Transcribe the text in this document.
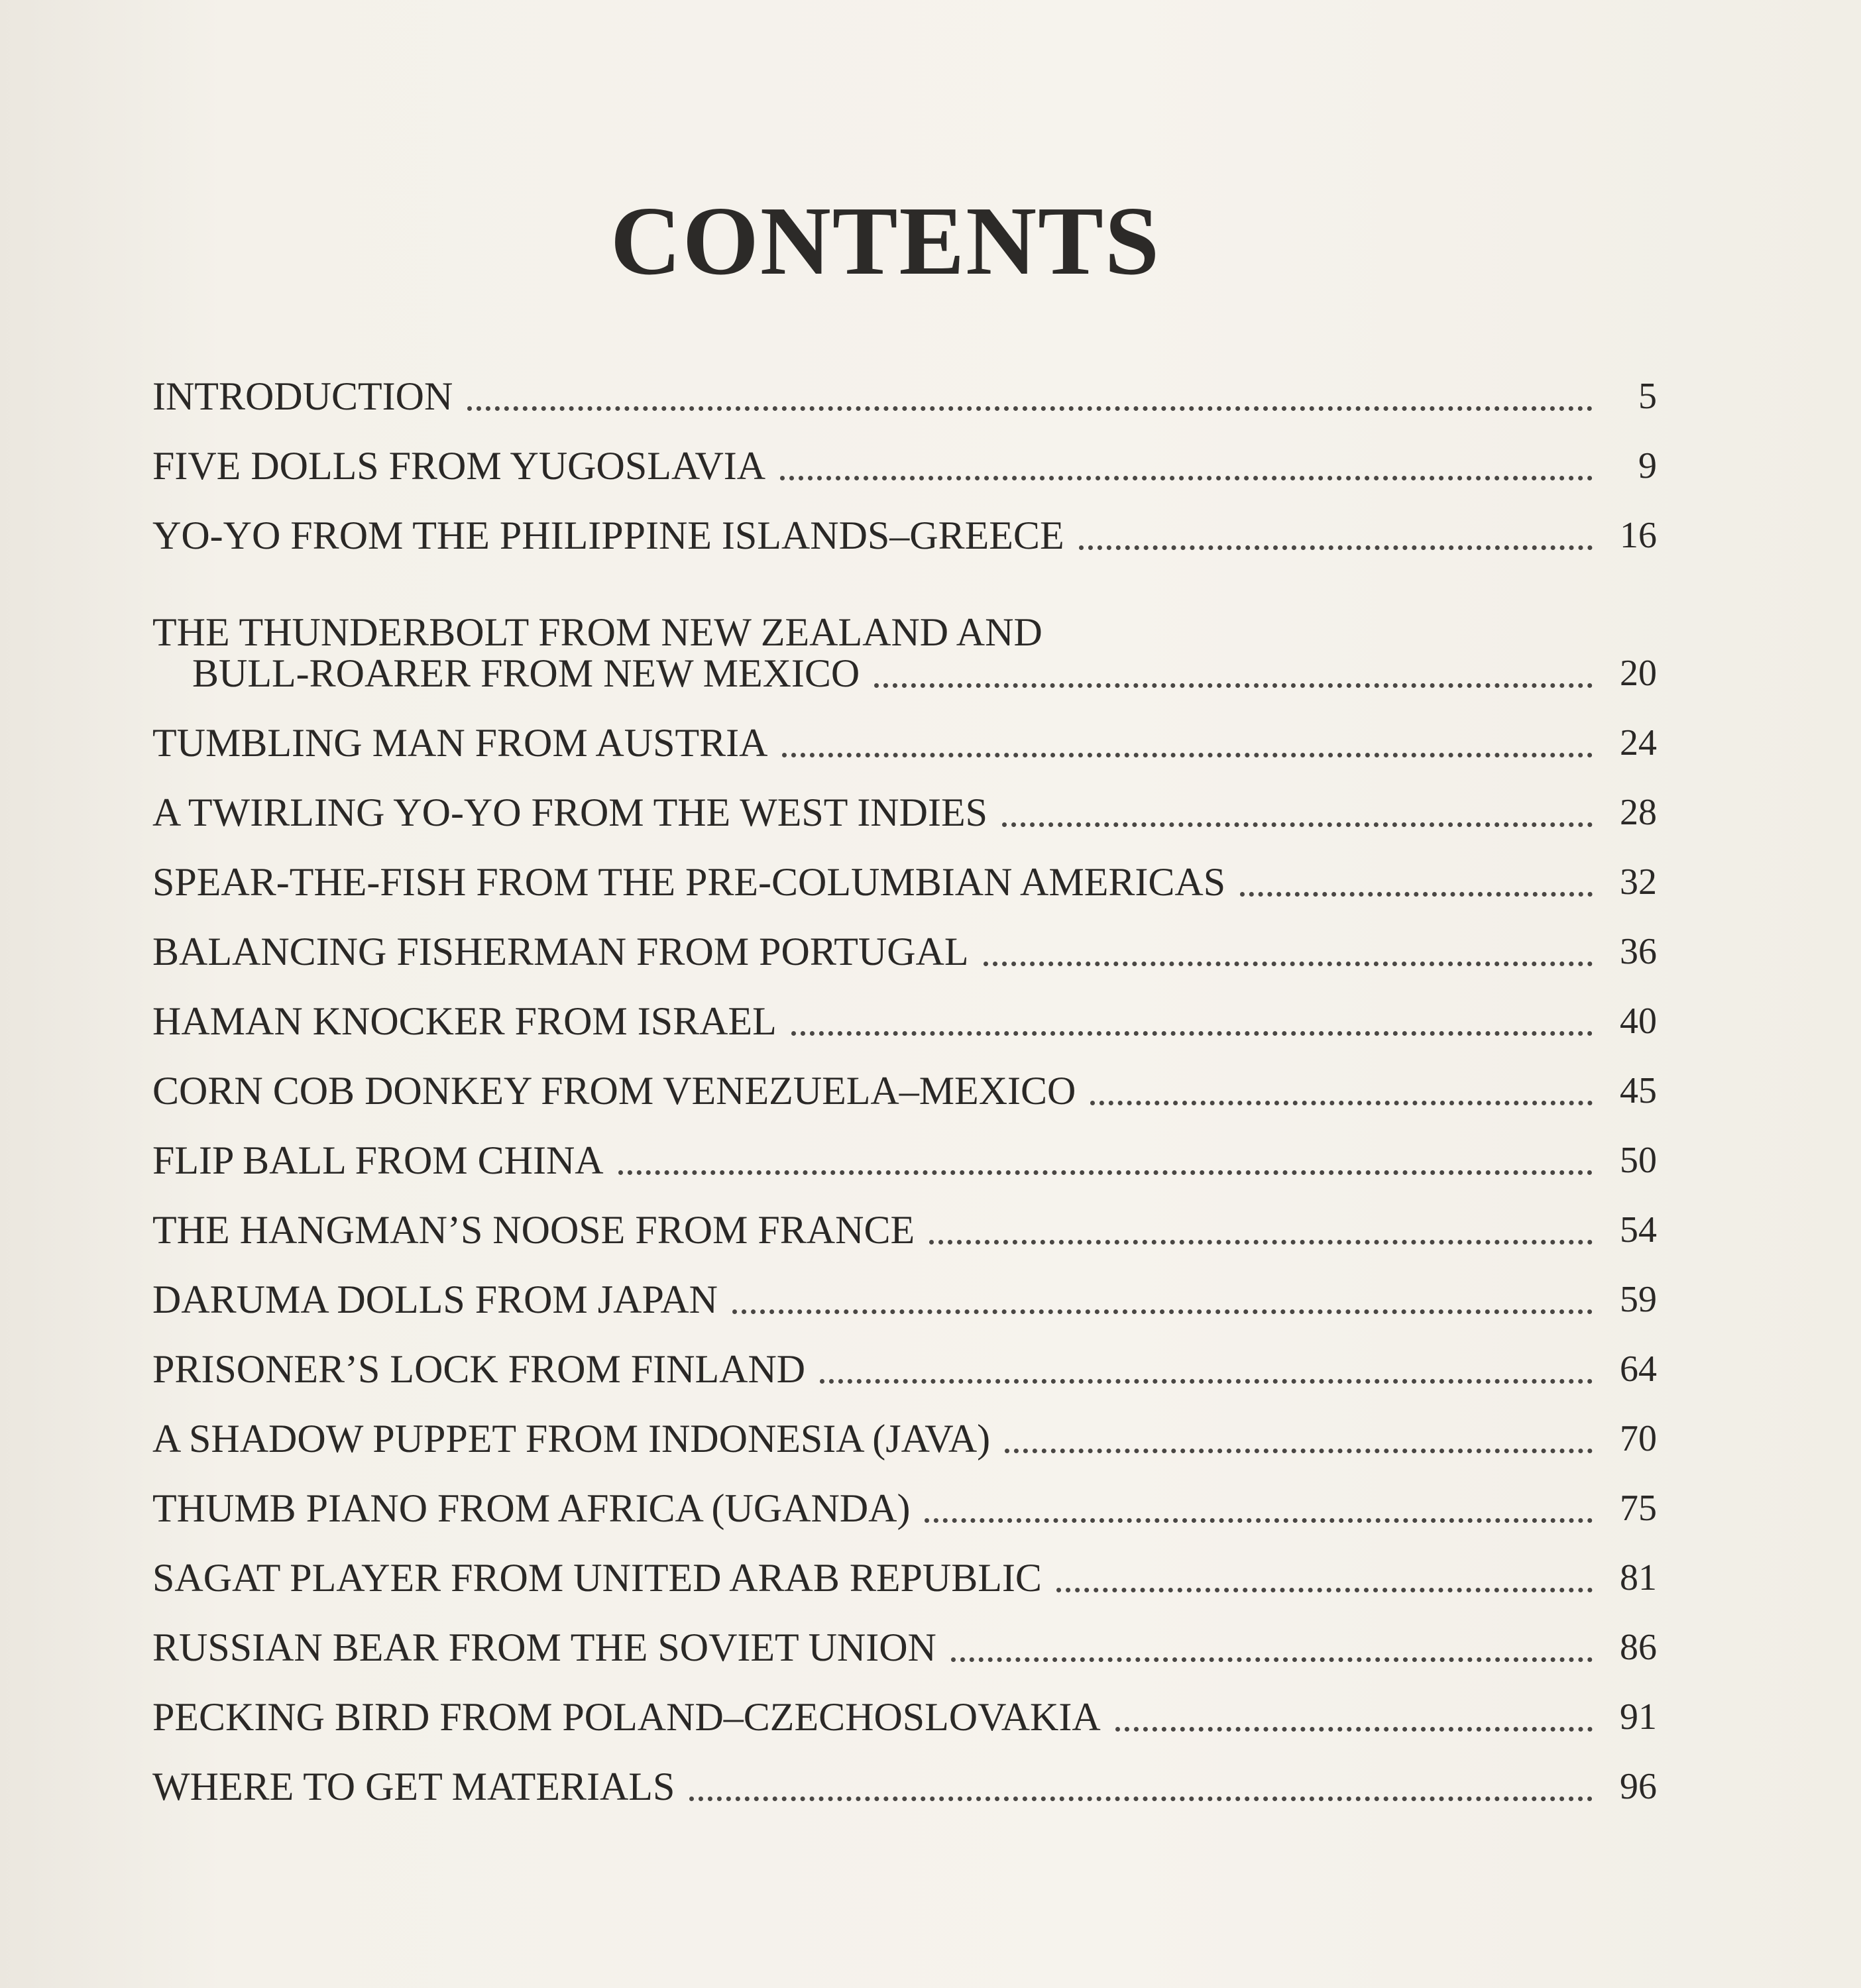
CONTENTS
INTRODUCTION	5
FIVE DOLLS FROM YUGOSLAVIA	9
YO-YO FROM THE PHILIPPINE ISLANDS–GREECE	16
THE THUNDERBOLT FROM NEW ZEALAND AND
BULL-ROARER FROM NEW MEXICO	20
TUMBLING MAN FROM AUSTRIA	24
A TWIRLING YO-YO FROM THE WEST INDIES	28
SPEAR-THE-FISH FROM THE PRE-COLUMBIAN AMERICAS	32
BALANCING FISHERMAN FROM PORTUGAL	36
HAMAN KNOCKER FROM ISRAEL	40
CORN COB DONKEY FROM VENEZUELA–MEXICO	45
FLIP BALL FROM CHINA	50
THE HANGMAN’S NOOSE FROM FRANCE	54
DARUMA DOLLS FROM JAPAN	59
PRISONER’S LOCK FROM FINLAND	64
A SHADOW PUPPET FROM INDONESIA (JAVA)	70
THUMB PIANO FROM AFRICA (UGANDA)	75
SAGAT PLAYER FROM UNITED ARAB REPUBLIC	81
RUSSIAN BEAR FROM THE SOVIET UNION	86
PECKING BIRD FROM POLAND–CZECHOSLOVAKIA	91
WHERE TO GET MATERIALS	96
